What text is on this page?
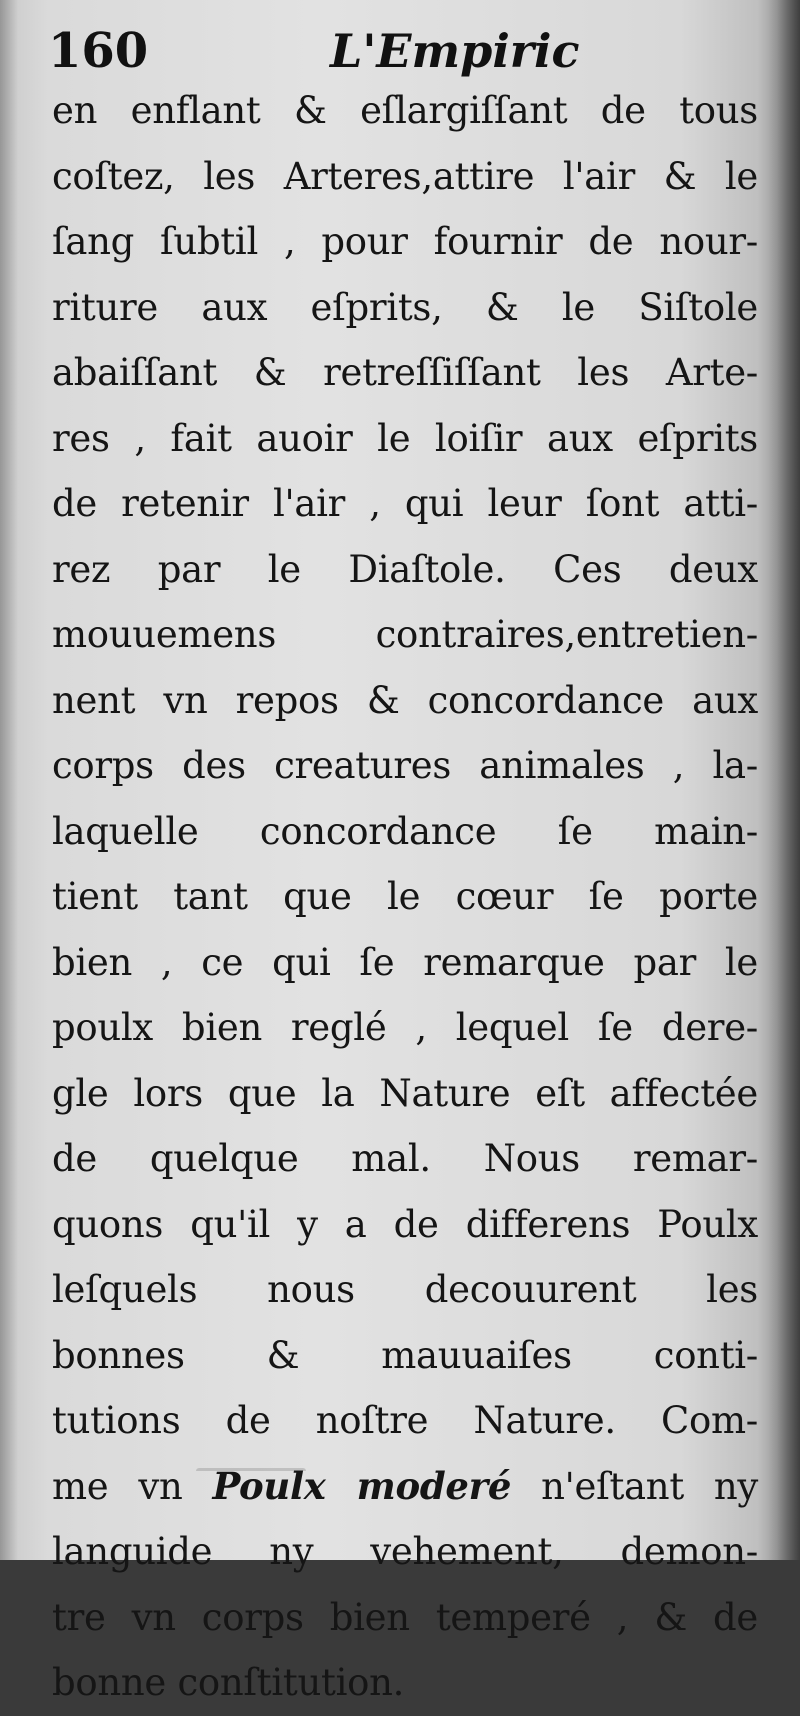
160	L'Empiric
en enflant & eſlargiſſant de tous
coſtez, les Arteres,attire l'air & le
ſang ſubtil , pour fournir de nour-
riture aux eſprits, & le Siſtole
abaiſſant & retreſſiſſant les Arte-
res , fait auoir le loiſir aux eſprits
de retenir l'air , qui leur ſont atti-
rez par le Diaſtole. Ces deux
mouuemens contraires,entretien-
nent vn repos & concordance aux
corps des creatures animales , la-
laquelle concordance ſe main-
tient tant que le cœur ſe porte
bien , ce qui ſe remarque par le
poulx bien reglé , lequel ſe dere-
gle lors que la Nature eſt affectée
de quelque mal. Nous remar-
quons qu'il y a de differens Poulx
leſquels nous decouurent les
bonnes & mauuaiſes conti-
tutions de noſtre Nature. Com-
me vn Poulx moderé n'eſtant ny
languide ny vehement, demon-
tre vn corps bien temperé , & de
bonne conſtitution.
